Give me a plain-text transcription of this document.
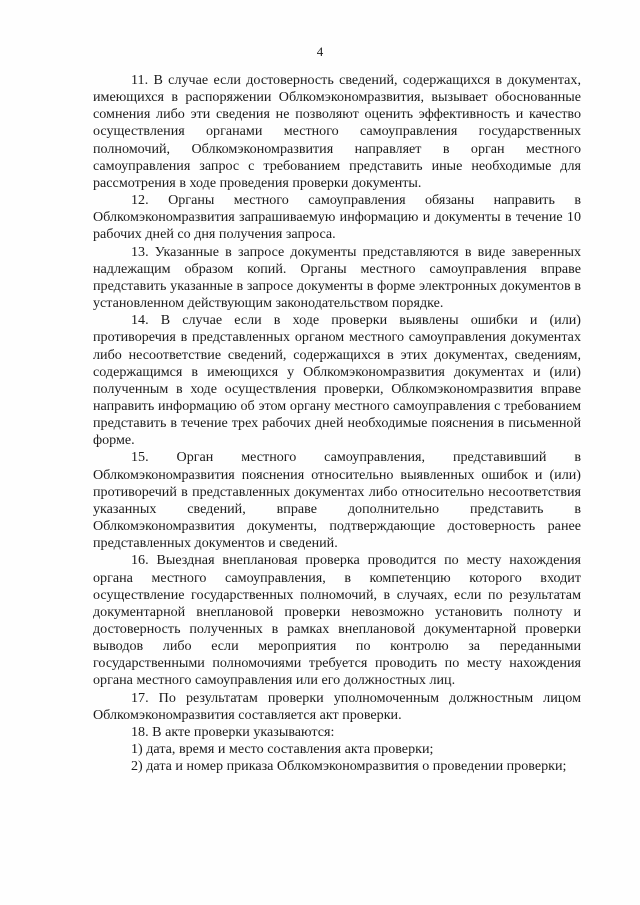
4

11. В случае если достоверность сведений, содержащихся в документах, имеющихся в распоряжении Облкомэкономразвития, вызывает обоснованные сомнения либо эти сведения не позволяют оценить эффективность и качество осуществления органами местного самоуправления государственных полномочий, Облкомэкономразвития направляет в орган местного самоуправления запрос с требованием представить иные необходимые для рассмотрения в ходе проведения проверки документы.

12. Органы местного самоуправления обязаны направить в Облкомэкономразвития запрашиваемую информацию и документы в течение 10 рабочих дней со дня получения запроса.

13. Указанные в запросе документы представляются в виде заверенных надлежащим образом копий. Органы местного самоуправления вправе представить указанные в запросе документы в форме электронных документов в установленном действующим законодательством порядке.

14. В случае если в ходе проверки выявлены ошибки и (или) противоречия в представленных органом местного самоуправления документах либо несоответствие сведений, содержащихся в этих документах, сведениям, содержащимся в имеющихся у Облкомэкономразвития документах и (или) полученным в ходе осуществления проверки, Облкомэкономразвития вправе направить информацию об этом органу местного самоуправления с требованием представить в течение трех рабочих дней необходимые пояснения в письменной форме.

15. Орган местного самоуправления, представивший в Облкомэкономразвития пояснения относительно выявленных ошибок и (или) противоречий в представленных документах либо относительно несоответствия указанных сведений, вправе дополнительно представить в Облкомэкономразвития документы, подтверждающие достоверность ранее представленных документов и сведений.

16. Выездная внеплановая проверка проводится по месту нахождения органа местного самоуправления, в компетенцию которого входит осуществление государственных полномочий, в случаях, если по результатам документарной внеплановой проверки невозможно установить полноту и достоверность полученных в рамках внеплановой документарной проверки выводов либо если мероприятия по контролю за переданными государственными полномочиями требуется проводить по месту нахождения органа местного самоуправления или его должностных лиц.

17. По результатам проверки уполномоченным должностным лицом Облкомэкономразвития составляется акт проверки.

18. В акте проверки указываются:

1) дата, время и место составления акта проверки;

2) дата и номер приказа Облкомэкономразвития о проведении проверки;
